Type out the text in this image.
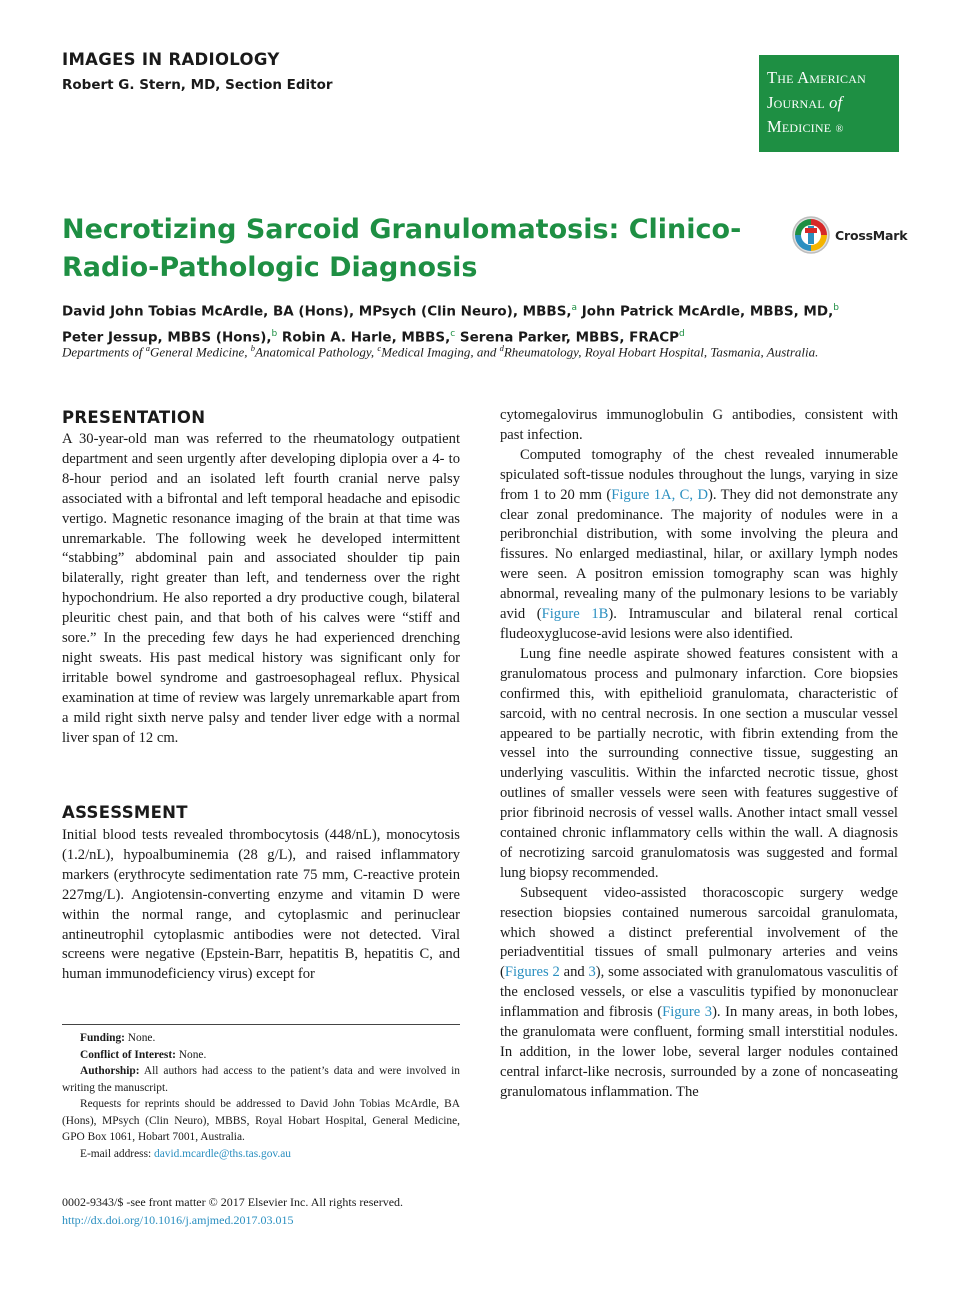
IMAGES IN RADIOLOGY
Robert G. Stern, MD, Section Editor	The American
Journal of
Medicine ®
Necrotizing Sarcoid Granulomatosis: Clinico-Radio-Pathologic Diagnosis
CrossMark
David John Tobias McArdle, BA (Hons), MPsych (Clin Neuro), MBBS,$^a$ John Patrick McArdle, MBBS, MD,$^b$
Peter Jessup, MBBS (Hons),$^b$ Robin A. Harle, MBBS,$^c$ Serena Parker, MBBS, FRACP$^d$
Departments of $^a$General Medicine, $^b$Anatomical Pathology, $^c$Medical Imaging, and $^d$Rheumatology, Royal Hobart Hospital, Tasmania, Australia.
PRESENTATION

A 30-year-old man was referred to the rheumatology outpatient department and seen urgently after developing diplopia over a 4- to 8-hour period and an isolated left fourth cranial nerve palsy associated with a bifrontal and left temporal headache and episodic vertigo. Magnetic resonance imaging of the brain at that time was unremarkable. The following week he developed intermittent “stabbing” abdominal pain and associated shoulder tip pain bilaterally, right greater than left, and tenderness over the right hypochondrium. He also reported a dry productive cough, bilateral pleuritic chest pain, and that both of his calves were “stiff and sore.” In the preceding few days he had experienced drenching night sweats. His past medical history was significant only for irritable bowel syndrome and gastroesophageal reflux. Physical examination at time of review was largely unremarkable apart from a mild right sixth nerve palsy and tender liver edge with a normal liver span of 12 cm.

ASSESSMENT

Initial blood tests revealed thrombocytosis (448/nL), monocytosis (1.2/nL), hypoalbuminemia (28 g/L), and raised inflammatory markers (erythrocyte sedimentation rate 75 mm, C-reactive protein 227mg/L). Angiotensin-converting enzyme and vitamin D were within the normal range, and cytoplasmic and perinuclear antineutrophil cytoplasmic antibodies were not detected. Viral screens were negative (Epstein-Barr, hepatitis B, hepatitis C, and human immunodeficiency virus) except for

cytomegalovirus immunoglobulin G antibodies, consistent with past infection.

Computed tomography of the chest revealed innumerable spiculated soft-tissue nodules throughout the lungs, varying in size from 1 to 20 mm (Figure 1A, C, D). They did not demonstrate any clear zonal predominance. The majority of nodules were in a peribronchial distribution, with some involving the pleura and fissures. No enlarged mediastinal, hilar, or axillary lymph nodes were seen. A positron emission tomography scan was highly abnormal, revealing many of the pulmonary lesions to be variably avid (Figure 1B). Intramuscular and bilateral renal cortical fludeoxyglucose-avid lesions were also identified.

Lung fine needle aspirate showed features consistent with a granulomatous process and pulmonary infarction. Core biopsies confirmed this, with epithelioid granulomata, characteristic of sarcoid, with no central necrosis. In one section a muscular vessel appeared to be partially necrotic, with fibrin extending from the vessel into the surrounding connective tissue, suggesting an underlying vasculitis. Within the infarcted necrotic tissue, ghost outlines of smaller vessels were seen with features suggestive of prior fibrinoid necrosis of vessel walls. Another intact small vessel contained chronic inflammatory cells within the wall. A diagnosis of necrotizing sarcoid granulomatosis was suggested and formal lung biopsy recommended.

Subsequent video-assisted thoracoscopic surgery wedge resection biopsies contained numerous sarcoidal granulomata, which showed a distinct preferential involvement of the periadventitial tissues of small pulmonary arteries and veins (Figures 2 and 3), some associated with granulomatous vasculitis of the enclosed vessels, or else a vasculitis typified by mononuclear inflammation and fibrosis (Figure 3). In many areas, in both lobes, the granulomata were confluent, forming small interstitial nodules. In addition, in the lower lobe, several larger nodules contained central infarct-like necrosis, surrounded by a zone of noncaseating granulomatous inflammation. The

Funding: None.

Conflict of Interest: None.

Authorship: All authors had access to the patient’s data and were involved in writing the manuscript.

Requests for reprints should be addressed to David John Tobias McArdle, BA (Hons), MPsych (Clin Neuro), MBBS, Royal Hobart Hospital, General Medicine, GPO Box 1061, Hobart 7001, Australia.

E-mail address: david.mcardle@ths.tas.gov.au

0002-9343/$ -see front matter © 2017 Elsevier Inc. All rights reserved.
http://dx.doi.org/10.1016/j.amjmed.2017.03.015
